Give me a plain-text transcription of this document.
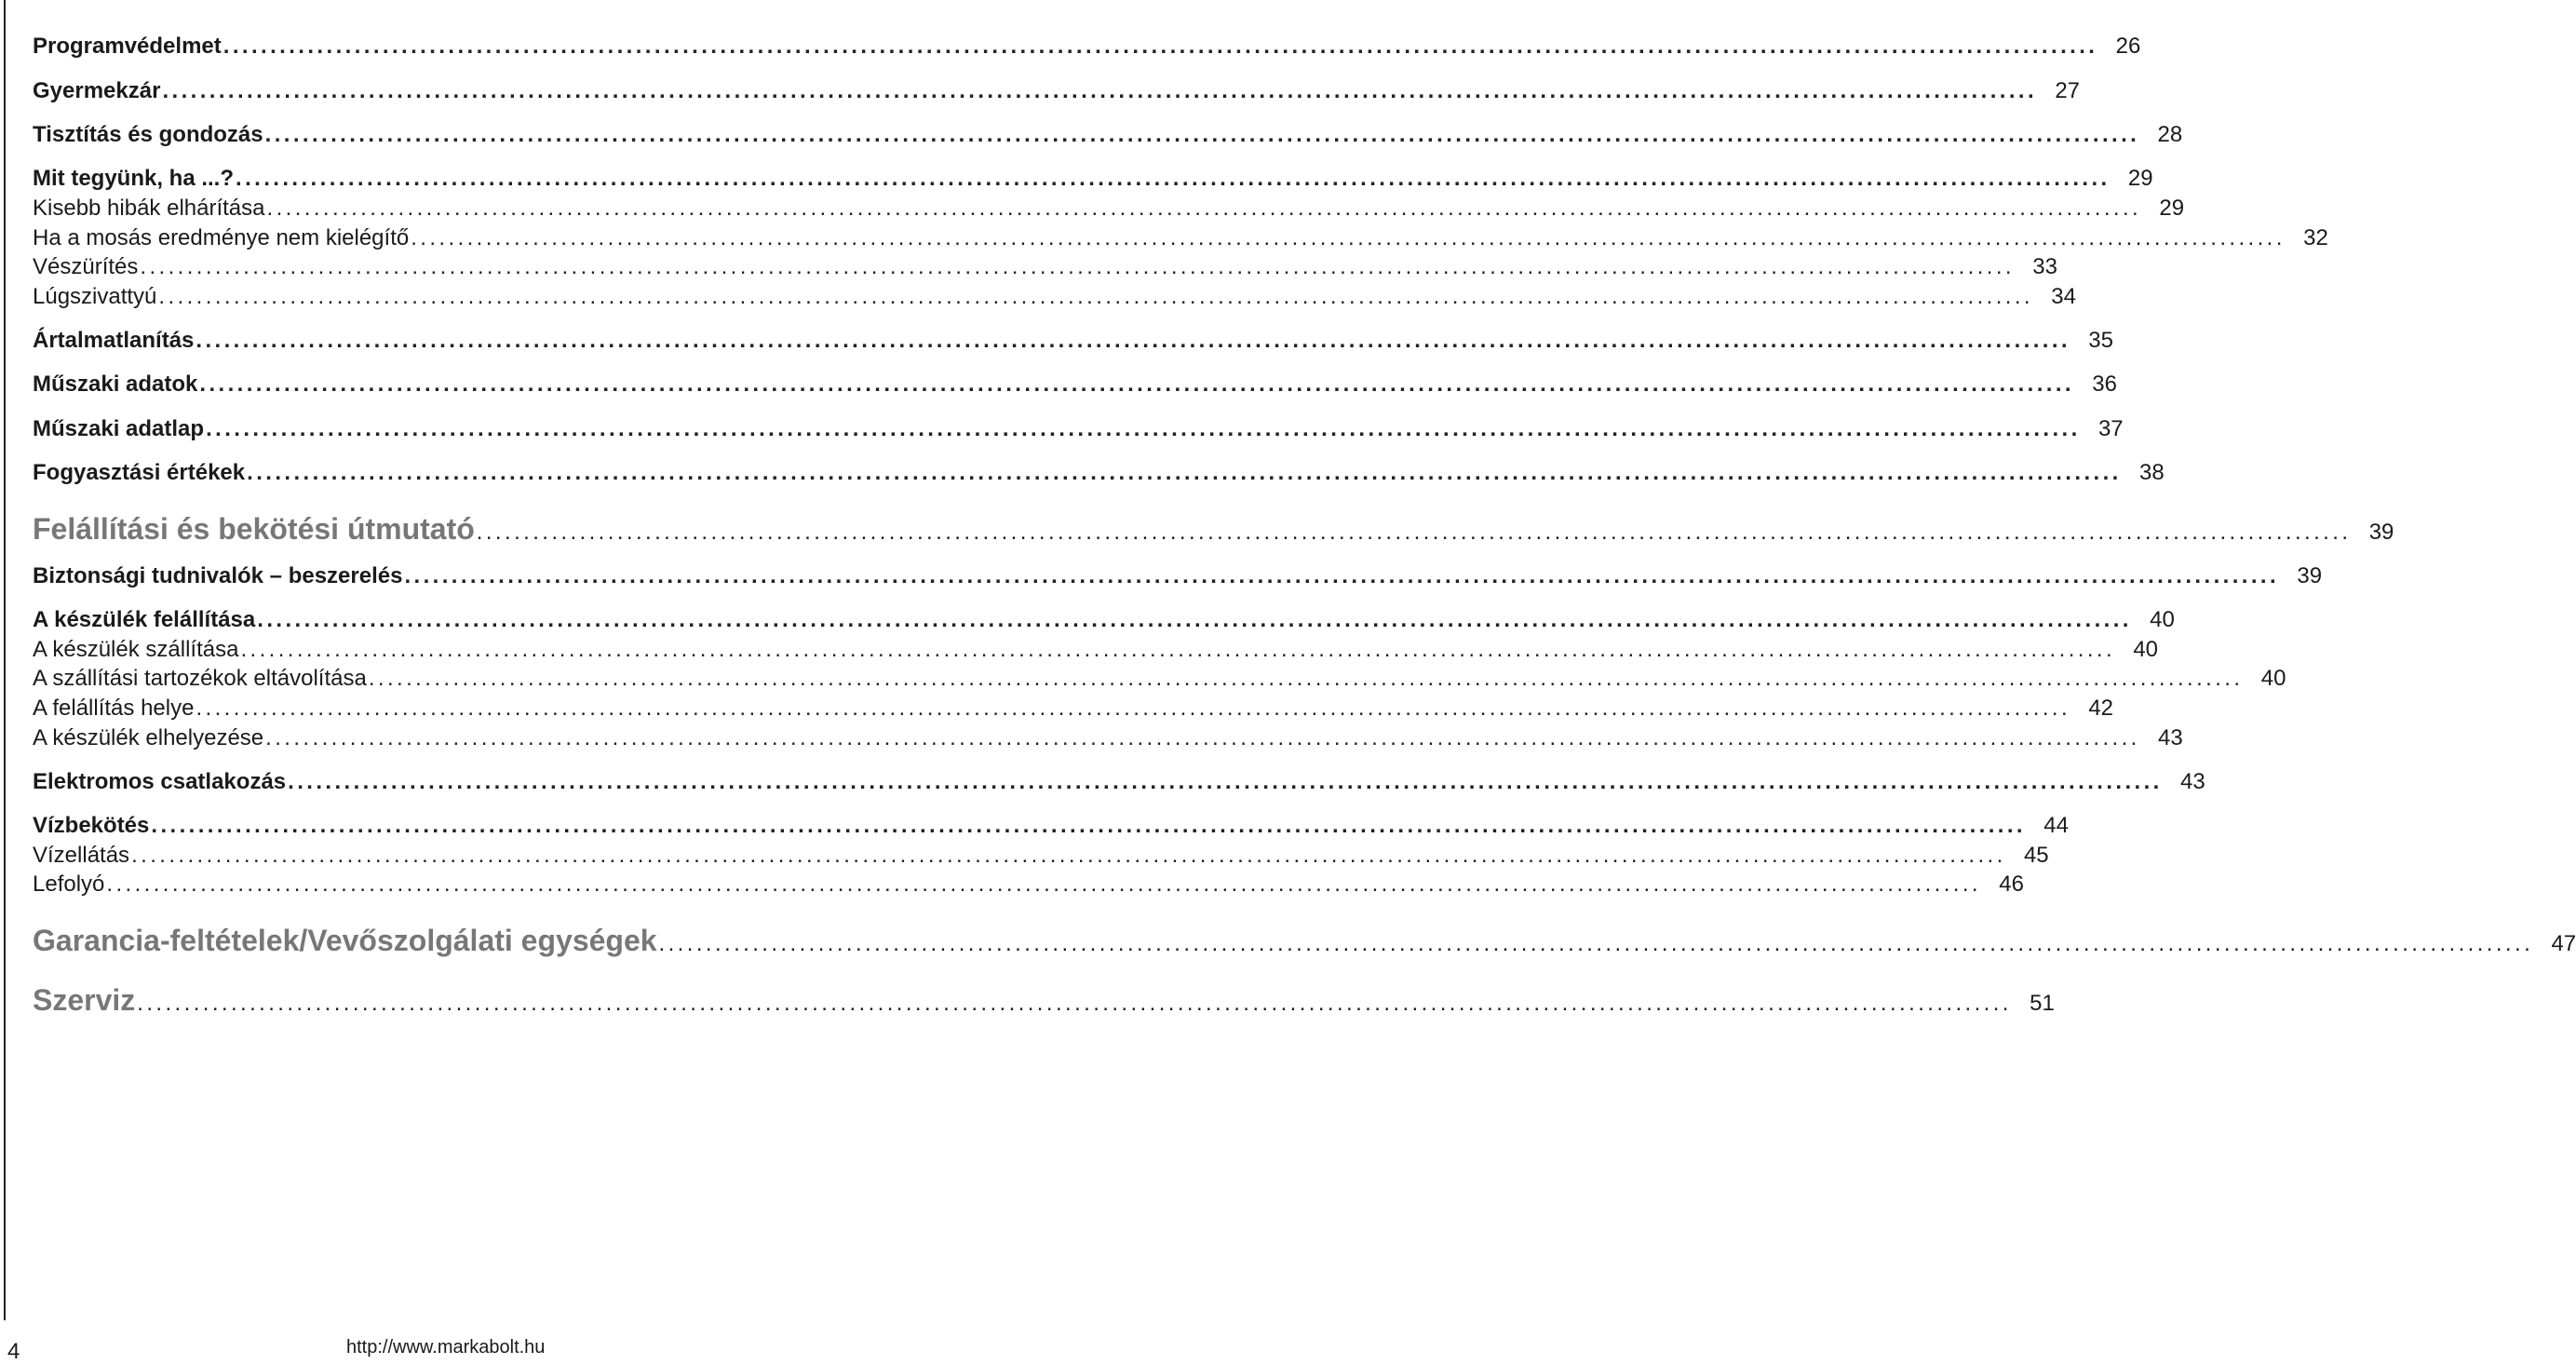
Programvédelmet ........................................................................................................................................................................................................ 26
Gyermekzár ........................................................................................................................................................................................................ 27
Tisztítás és gondozás ........................................................................................................................................................................................................ 28
Mit tegyünk, ha ...? ........................................................................................................................................................................................................ 29
Kisebb hibák elhárítása ........................................................................................................................................................................................................ 29
Ha a mosás eredménye nem kielégítő ........................................................................................................................................................................................................ 32
Vészürítés ........................................................................................................................................................................................................ 33
Lúgszivattyú ........................................................................................................................................................................................................ 34
Ártalmatlanítás ........................................................................................................................................................................................................ 35
Műszaki adatok ........................................................................................................................................................................................................ 36
Műszaki adatlap ........................................................................................................................................................................................................ 37
Fogyasztási értékek ........................................................................................................................................................................................................ 38
Felállítási és bekötési útmutató ........................................................................................................................................................................................................ 39
Biztonsági tudnivalók – beszerelés ........................................................................................................................................................................................................ 39
A készülék felállítása ........................................................................................................................................................................................................ 40
A készülék szállítása ........................................................................................................................................................................................................ 40
A szállítási tartozékok eltávolítása ........................................................................................................................................................................................................ 40
A felállítás helye ........................................................................................................................................................................................................ 42
A készülék elhelyezése ........................................................................................................................................................................................................ 43
Elektromos csatlakozás ........................................................................................................................................................................................................ 43
Vízbekötés ........................................................................................................................................................................................................ 44
Vízellátás ........................................................................................................................................................................................................ 45
Lefolyó ........................................................................................................................................................................................................ 46
Garancia-feltételek/Vevőszolgálati egységek ........................................................................................................................................................................................................ 47
Szerviz ........................................................................................................................................................................................................ 51
4	http://www.markabolt.hu
